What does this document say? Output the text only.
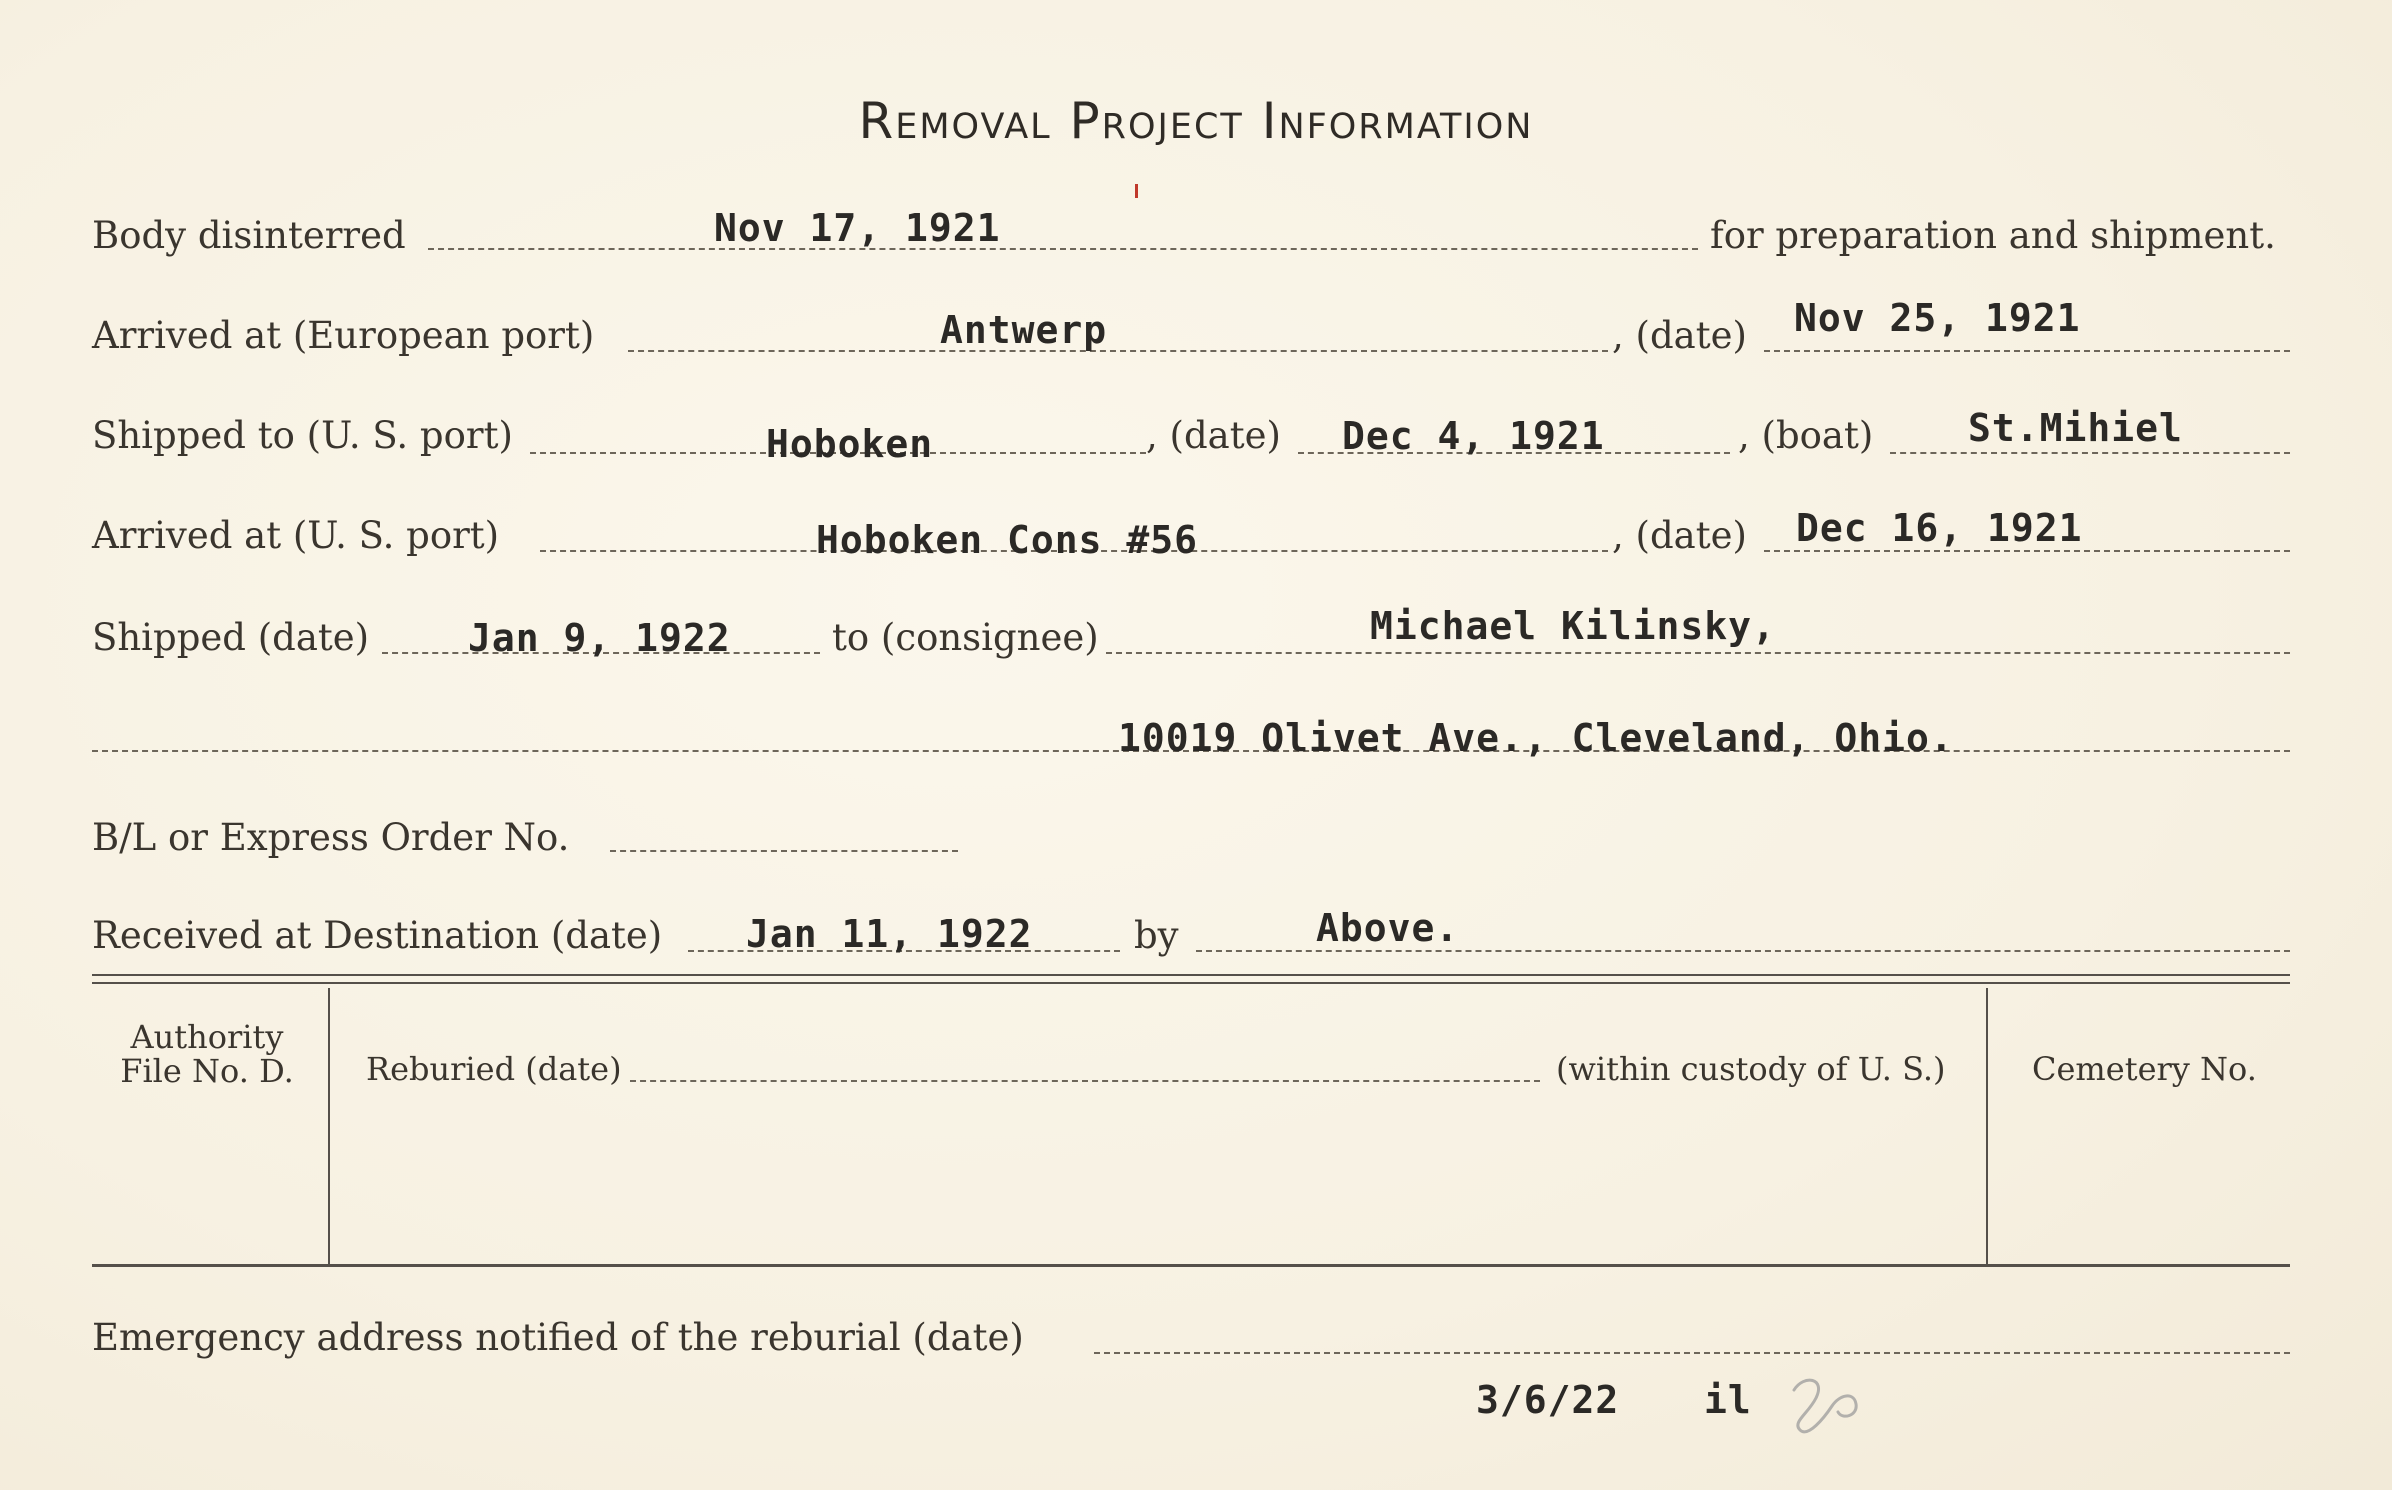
Removal Project Information
Body disinterred	Nov 17, 1921	for preparation and shipment.
Arrived at (European port)	Antwerp	, (date) Nov 25, 1921
Shipped to (U. S. port)	Hoboken	, (date) Dec 4, 1921	, (boat) St.Mihiel
Arrived at (U. S. port)	Hoboken Cons #56	, (date) Dec 16, 1921
Shipped (date)	Jan 9, 1922	to (consignee)	Michael Kilinsky,
10019 Olivet Ave., Cleveland, Ohio.
B/L or Express Order No.
Received at Destination (date) Jan 11, 1922	by	Above.
Authority
File No. D.	Reburied (date)	(within custody of U. S.)	Cemetery No.
Emergency address notified of the reburial (date)
3/6/22 il
